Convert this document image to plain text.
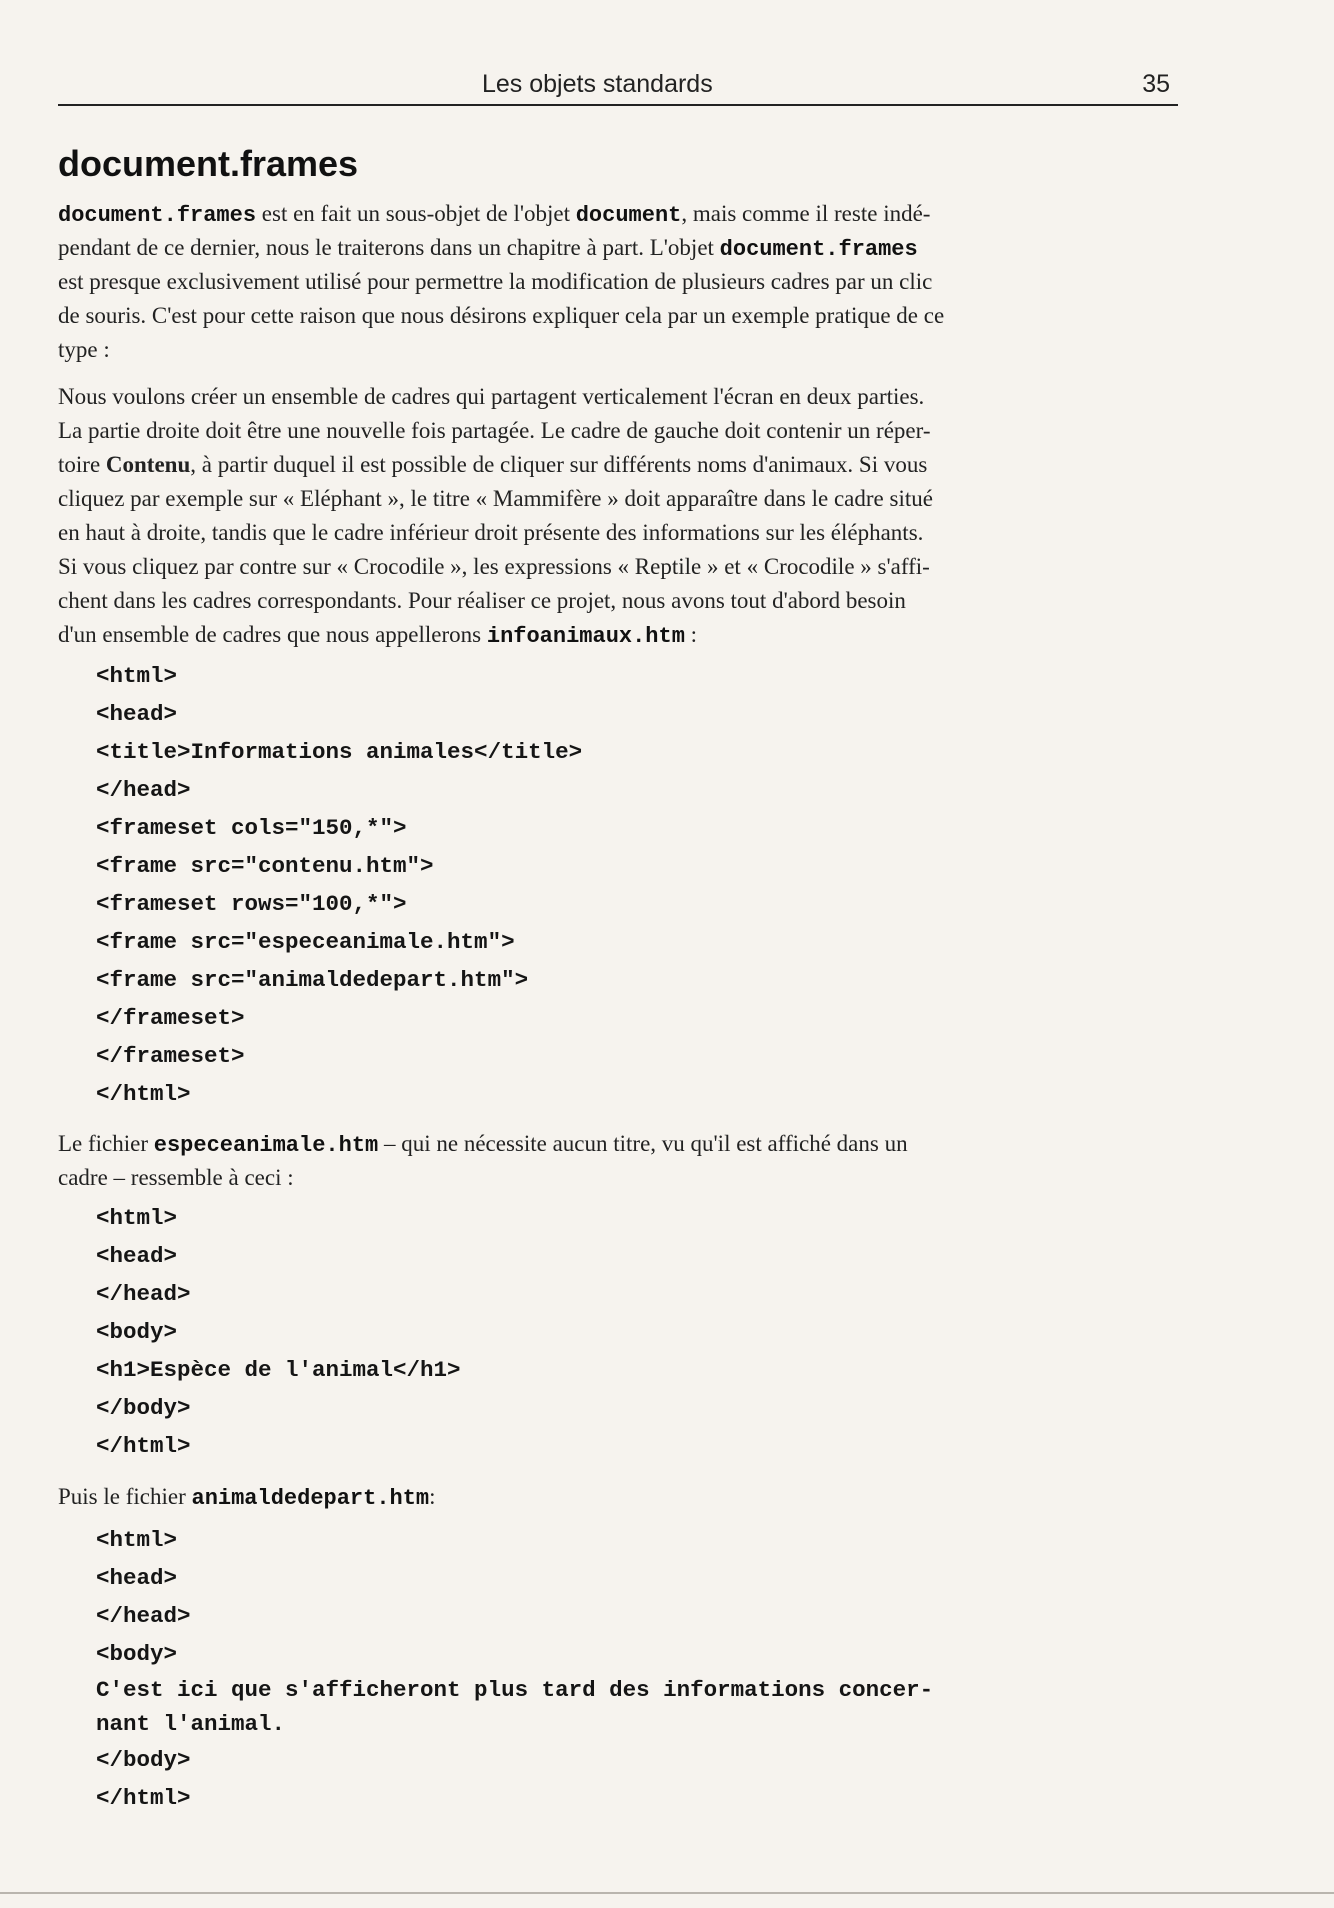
Les objets standards	35
document.frames
document.frames est en fait un sous-objet de l'objet document, mais comme il reste indé-
pendant de ce dernier, nous le traiterons dans un chapitre à part. L'objet document.frames
est presque exclusivement utilisé pour permettre la modification de plusieurs cadres par un clic
de souris. C'est pour cette raison que nous désirons expliquer cela par un exemple pratique de ce
type :
Nous voulons créer un ensemble de cadres qui partagent verticalement l'écran en deux parties.
La partie droite doit être une nouvelle fois partagée. Le cadre de gauche doit contenir un réper-
toire Contenu, à partir duquel il est possible de cliquer sur différents noms d'animaux. Si vous
cliquez par exemple sur « Eléphant », le titre « Mammifère » doit apparaître dans le cadre situé
en haut à droite, tandis que le cadre inférieur droit présente des informations sur les éléphants.
Si vous cliquez par contre sur « Crocodile », les expressions « Reptile » et « Crocodile » s'affi-
chent dans les cadres correspondants. Pour réaliser ce projet, nous avons tout d'abord besoin
d'un ensemble de cadres que nous appellerons infoanimaux.htm :
<html>
<head>
<title>Informations animales</title>
</head>
<frameset cols="150,*">
<frame src="contenu.htm">
<frameset rows="100,*">
<frame src="especeanimale.htm">
<frame src="animaldedepart.htm">
</frameset>
</frameset>
</html>
Le fichier especeanimale.htm – qui ne nécessite aucun titre, vu qu'il est affiché dans un
cadre – ressemble à ceci :
<html>
<head>
</head>
<body>
<h1>Espèce de l'animal</h1>
</body>
</html>
Puis le fichier animaldedepart.htm:
<html>
<head>
</head>
<body>
C'est ici que s'afficheront plus tard des informations concer-
nant l'animal.
</body>
</html>
